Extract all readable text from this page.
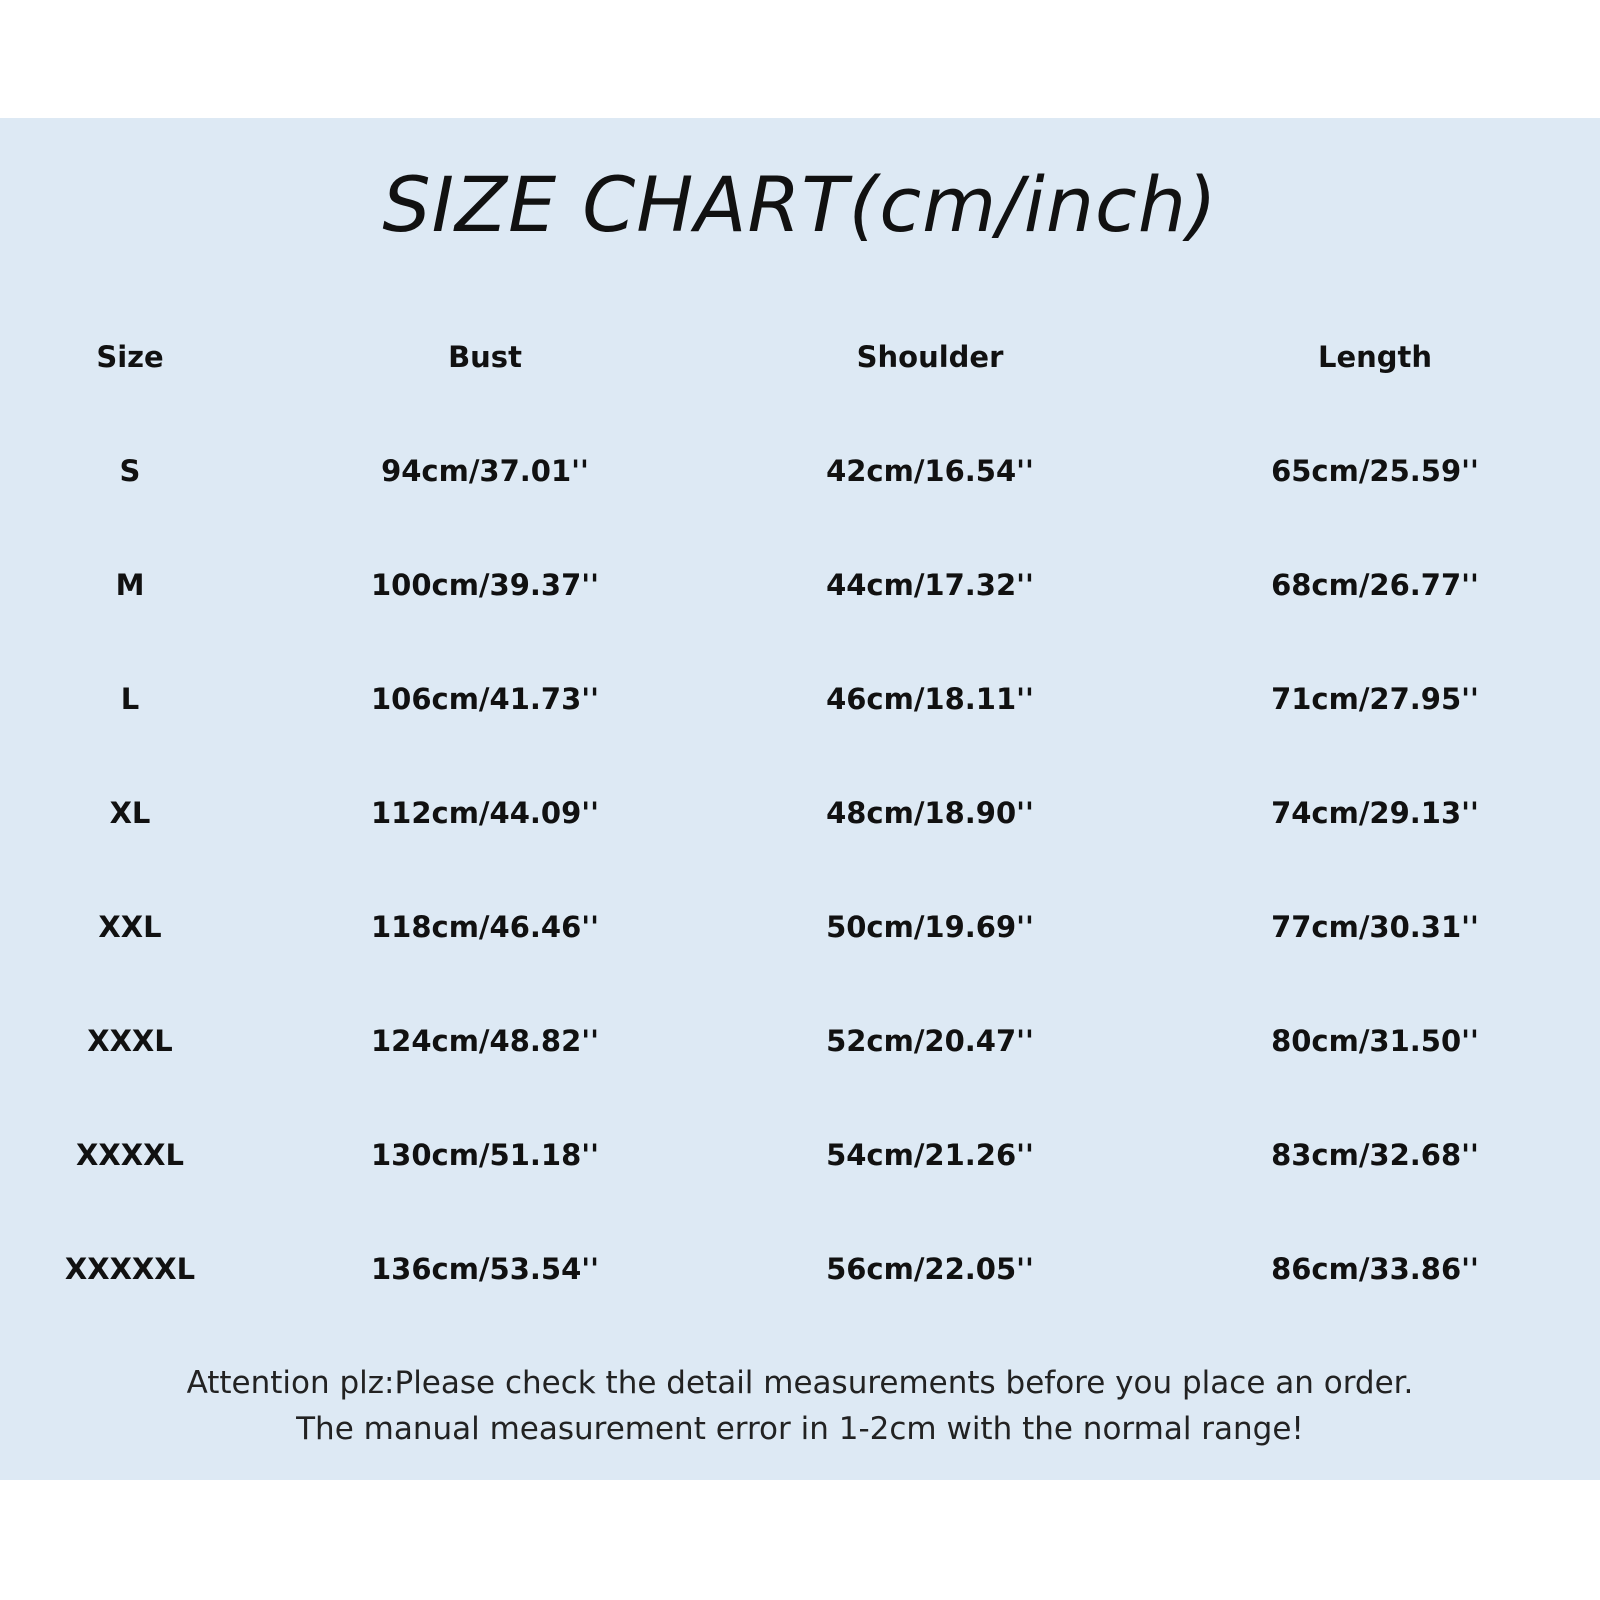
SIZE CHART(cm/inch)
Size	Bust	Shoulder	Length
S	94cm/37.01''	42cm/16.54''	65cm/25.59''
M	100cm/39.37''	44cm/17.32''	68cm/26.77''
L	106cm/41.73''	46cm/18.11''	71cm/27.95''
XL	112cm/44.09''	48cm/18.90''	74cm/29.13''
XXL	118cm/46.46''	50cm/19.69''	77cm/30.31''
XXXL	124cm/48.82''	52cm/20.47''	80cm/31.50''
XXXXL	130cm/51.18''	54cm/21.26''	83cm/32.68''
XXXXXL	136cm/53.54''	56cm/22.05''	86cm/33.86''
Attention plz:Please check the detail measurements before you place an order.
The manual measurement error in 1-2cm with the normal range!
